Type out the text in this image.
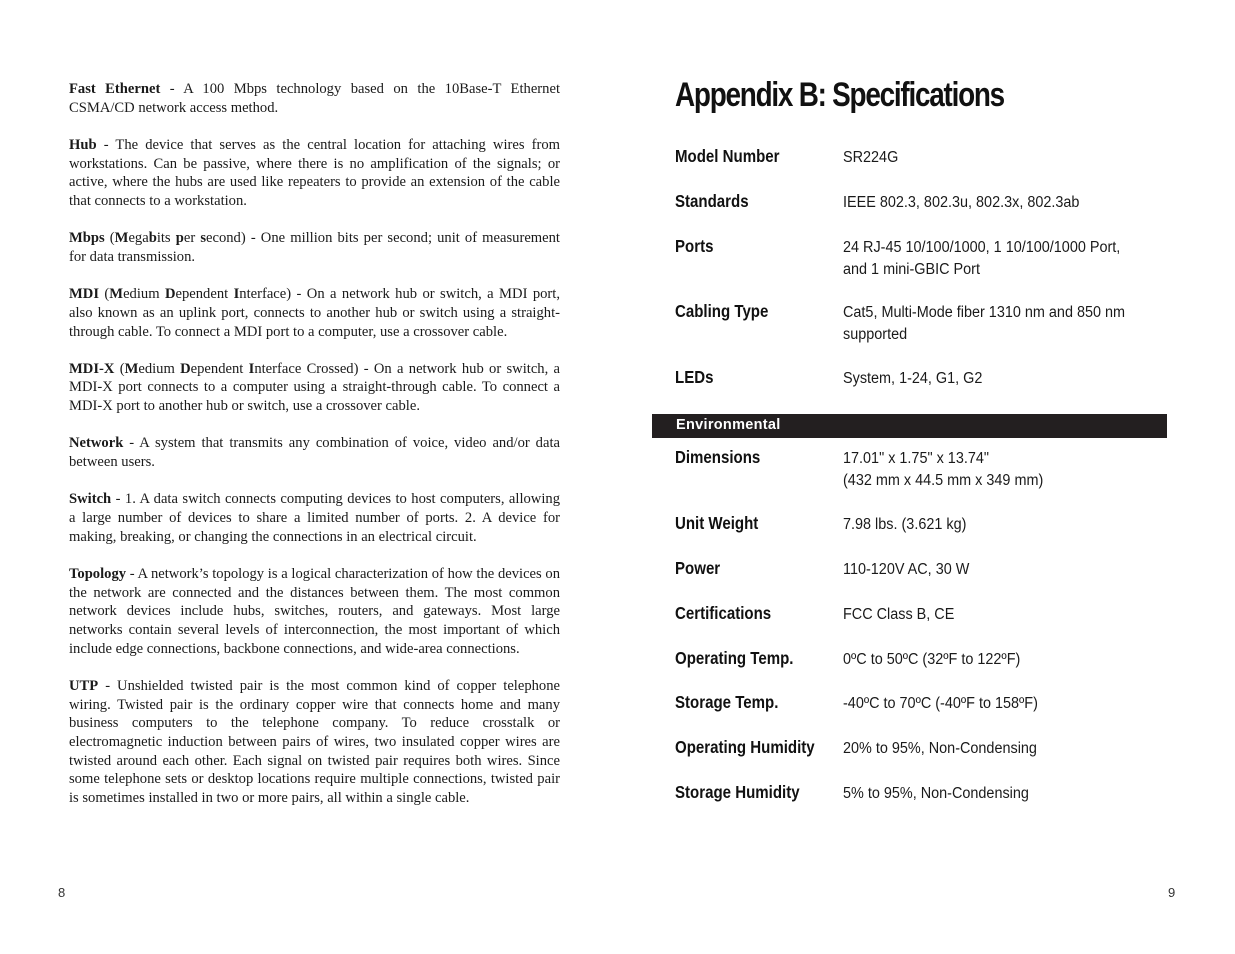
Fast Ethernet - A 100 Mbps technology based on the 10Base-T Ethernet CSMA/CD network access method.

Hub - The device that serves as the central location for attaching wires from workstations. Can be passive, where there is no amplification of the signals; or active, where the hubs are used like repeaters to provide an extension of the cable that connects to a workstation.

Mbps (Megabits per second) - One million bits per second; unit of measurement for data transmission.

MDI (Medium Dependent Interface) - On a network hub or switch, a MDI port, also known as an uplink port, connects to another hub or switch using a straight-through cable. To connect a MDI port to a computer, use a crossover cable.

MDI-X (Medium Dependent Interface Crossed) - On a network hub or switch, a MDI-X port connects to a computer using a straight-through cable. To connect a MDI-X port to another hub or switch, use a crossover cable.

Network - A system that transmits any combination of voice, video and/or data between users.

Switch - 1. A data switch connects computing devices to host computers, allowing a large number of devices to share a limited number of ports. 2. A device for making, breaking, or changing the connections in an electrical circuit.

Topology - A network’s topology is a logical characterization of how the devices on the network are connected and the distances between them. The most common network devices include hubs, switches, routers, and gateways. Most large networks contain several levels of interconnection, the most important of which include edge connections, backbone connections, and wide-area connections.

UTP - Unshielded twisted pair is the most common kind of copper telephone wiring. Twisted pair is the ordinary copper wire that connects home and many business computers to the telephone company. To reduce crosstalk or electromagnetic induction between pairs of wires, two insulated copper wires are twisted around each other. Each signal on twisted pair requires both wires. Since some telephone sets or desktop locations require multiple connections, twisted pair is sometimes installed in two or more pairs, all within a single cable.

8
Appendix B: Specifications
Model Number	SR224G
Standards	IEEE 802.3, 802.3u, 802.3x, 802.3ab
Ports	24 RJ-45 10/100/1000, 1 10/100/1000 Port,
and 1 mini-GBIC Port
Cabling Type	Cat5, Multi-Mode fiber 1310 nm and 850 nm
supported
LEDs	System, 1-24, G1, G2
Dimensions	17.01" x 1.75" x 13.74"
(432 mm x 44.5 mm x 349 mm)
Unit Weight	7.98 lbs. (3.621 kg)
Power	110-120V AC, 30 W
Certifications	FCC Class B, CE
Operating Temp.	0ºC to 50ºC (32ºF to 122ºF)
Storage Temp.	-40ºC to 70ºC (-40ºF to 158ºF)
Operating Humidity 20% to 95%, Non-Condensing
Storage Humidity	5% to 95%, Non-Condensing
Environmental
9
